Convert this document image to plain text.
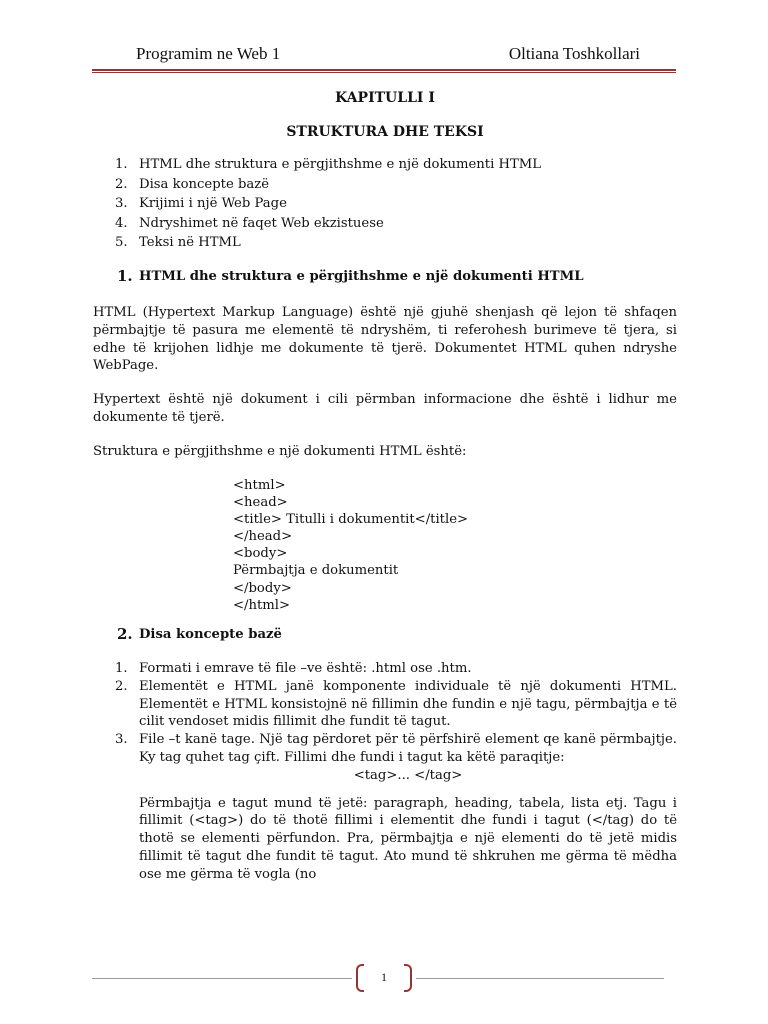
Programim ne Web 1	Oltiana Toshkollari
KAPITULLI I
STRUKTURA DHE TEKSI
1. HTML dhe struktura e përgjithshme e një dokumenti HTML
2. Disa koncepte bazë
3. Krijimi i një Web Page
4. Ndryshimet në faqet Web ekzistuese
5. Teksi në HTML
1. HTML dhe struktura e përgjithshme e një dokumenti HTML

HTML (Hypertext Markup Language) është një gjuhë shenjash që lejon të shfaqen përmbajtje të pasura me elementë të ndryshëm, ti referohesh burimeve të tjera, si edhe të krijohen lidhje me dokumente të tjerë. Dokumentet HTML quhen ndryshe WebPage.

Hypertext është një dokument i cili përmban informacione dhe është i lidhur me dokumente të tjerë.

Struktura e përgjithshme e një dokumenti HTML është:

<html>
<head>
<title> Titulli i dokumentit</title>
</head>
<body>
Përmbajtja e dokumentit
</body>
</html>
2. Disa koncepte bazë
1. Formati i emrave të file –ve është: .html ose .htm.
2. Elementët e HTML janë komponente individuale të një dokumenti HTML. Elementët e HTML konsistojnë në fillimin dhe fundin e një tagu, përmbajtja e të cilit vendoset midis fillimit dhe fundit të tagut.
3. File –t kanë tage. Një tag përdoret për të përfshirë element qe kanë përmbajtje. Ky tag quhet tag çift. Fillimi dhe fundi i tagut ka këtë paraqitje:
<tag>... </tag>

Përmbajtja e tagut mund të jetë: paragraph, heading, tabela, lista etj. Tagu i fillimit (<tag>) do të thotë fillimi i elementit dhe fundi i tagut (</tag) do të thotë se elementi përfundon. Pra, përmbajtja e një elementi do të jetë midis fillimit të tagut dhe fundit të tagut. Ato mund të shkruhen me gërma të mëdha ose me gërma të vogla (no

1
